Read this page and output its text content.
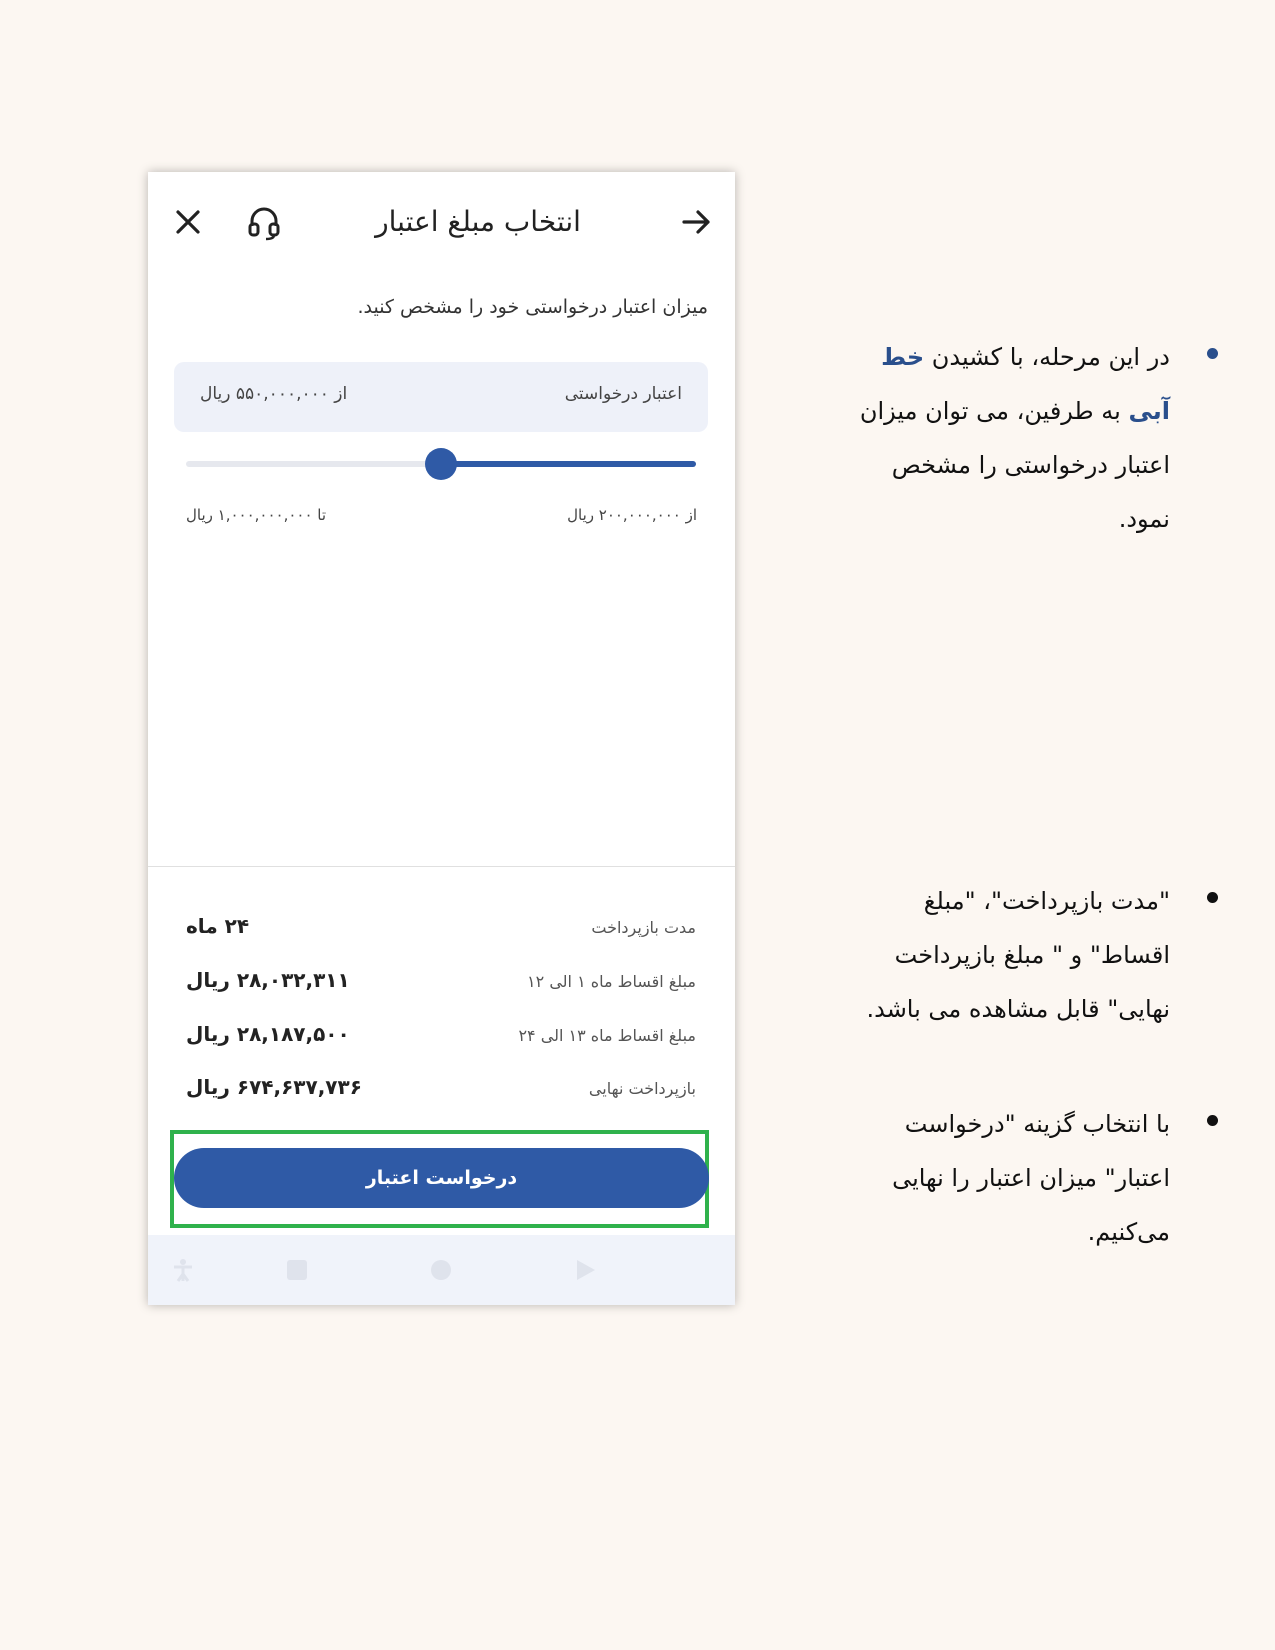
انتخاب مبلغ اعتبار
میزان اعتبار درخواستی خود را مشخص کنید.
اعتبار درخواستی
از ۵۵۰,۰۰۰,۰۰۰ ریال
از ۲۰۰,۰۰۰,۰۰۰ ریال
تا ۱,۰۰۰,۰۰۰,۰۰۰ ریال
مدت بازپرداخت
۲۴ ماه
مبلغ اقساط ماه ۱ الی ۱۲
۲۸,۰۳۲,۳۱۱ ریال
مبلغ اقساط ماه ۱۳ الی ۲۴
۲۸,۱۸۷,۵۰۰ ریال
بازپرداخت نهایی
۶۷۴,۶۳۷,۷۳۶ ریال
درخواست اعتبار
در این مرحله، با کشیدن خط
آبی به طرفین، می توان میزان
اعتبار درخواستی را مشخص
نمود.
"مدت بازپرداخت"، "مبلغ
اقساط" و " مبلغ بازپرداخت
نهایی" قابل مشاهده می باشد.
با انتخاب گزینه "درخواست
اعتبار" میزان اعتبار را نهایی
می‌کنیم.
